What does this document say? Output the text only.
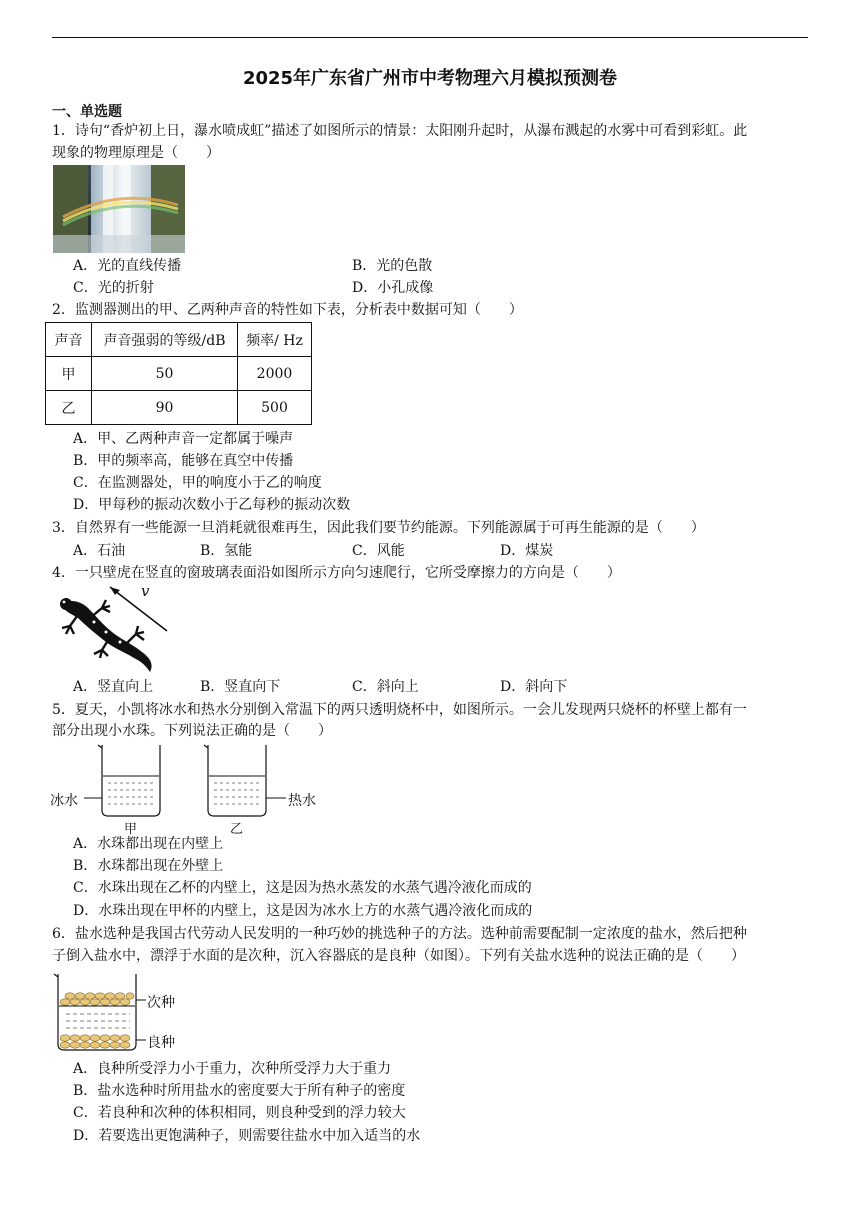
2025年广东省广州市中考物理六月模拟预测卷
一、单选题
1．诗句“香炉初上日，瀑水喷成虹”描述了如图所示的情景：太阳刚升起时，从瀑布溅起的水雾中可看到彩虹。此
现象的物理原理是（　　）
A．光的直线传播	B．光的色散
C．光的折射	D．小孔成像
2．监测器测出的甲、乙两种声音的特性如下表，分析表中数据可知（　　）
声音	声音强弱的等级/dB	频率/ Hz
甲	50	2000
乙	90	500
A．甲、乙两种声音一定都属于噪声
B．甲的频率高，能够在真空中传播
C．在监测器处，甲的响度小于乙的响度
D．甲每秒的振动次数小于乙每秒的振动次数
3．自然界有一些能源一旦消耗就很难再生，因此我们要节约能源。下列能源属于可再生能源的是（　　）
A．石油	B．氢能	C．风能	D．煤炭
4．一只壁虎在竖直的窗玻璃表面沿如图所示方向匀速爬行，它所受摩擦力的方向是（　　）
v
A．竖直向上	B．竖直向下	C．斜向上	D．斜向下
5．夏天，小凯将冰水和热水分别倒入常温下的两只透明烧杯中，如图所示。一会儿发现两只烧杯的杯壁上都有一
部分出现小水珠。下列说法正确的是（　　）
冰水	热水
甲	乙
A．水珠都出现在内壁上
B．水珠都出现在外壁上
C．水珠出现在乙杯的内壁上，这是因为热水蒸发的水蒸气遇冷液化而成的
D．水珠出现在甲杯的内壁上，这是因为冰水上方的水蒸气遇冷液化而成的
6．盐水选种是我国古代劳动人民发明的一种巧妙的挑选种子的方法。选种前需要配制一定浓度的盐水，然后把种
子倒入盐水中，漂浮于水面的是次种，沉入容器底的是良种（如图）。下列有关盐水选种的说法正确的是（　　）
次种
良种
A．良种所受浮力小于重力，次种所受浮力大于重力
B．盐水选种时所用盐水的密度要大于所有种子的密度
C．若良种和次种的体积相同，则良种受到的浮力较大
D．若要选出更饱满种子，则需要往盐水中加入适当的水
